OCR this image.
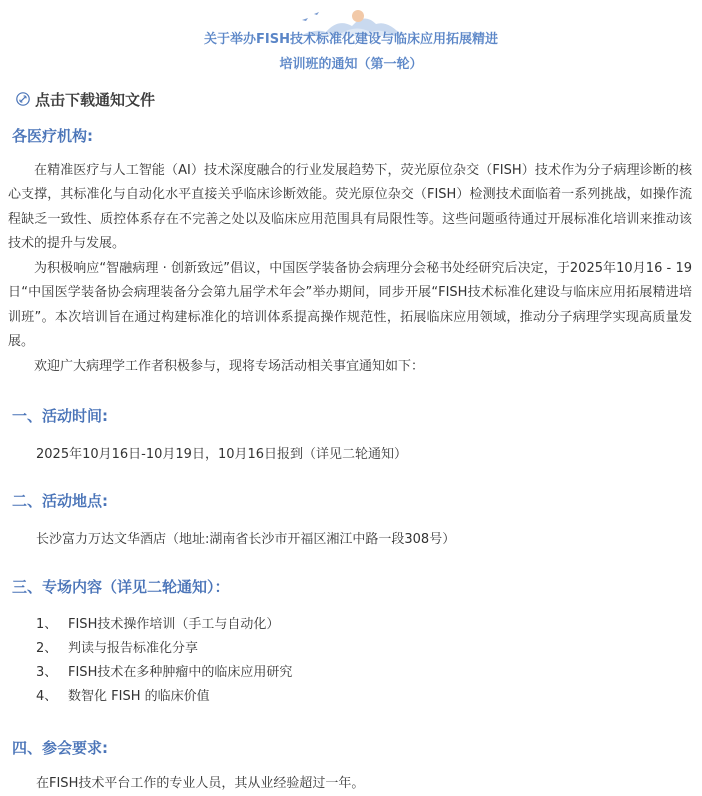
关于举办FISH技术标准化建设与临床应用拓展精进
培训班的通知（第一轮）
点击下载通知文件
各医疗机构:
在精准医疗与人工智能（AI）技术深度融合的行业发展趋势下，荧光原位杂交（FISH）技术作为分子病理诊断的核心支撑，其标准化与自动化水平直接关乎临床诊断效能。荧光原位杂交（FISH）检测技术面临着一系列挑战，如操作流程缺乏一致性、质控体系存在不完善之处以及临床应用范围具有局限性等。这些问题亟待通过开展标准化培训来推动该技术的提升与发展。
为积极响应“智融病理 · 创新致远”倡议，中国医学装备协会病理分会秘书处经研究后决定，于2025年10月16 - 19日“中国医学装备协会病理装备分会第九届学术年会”举办期间，同步开展“FISH技术标准化建设与临床应用拓展精进培训班”。本次培训旨在通过构建标准化的培训体系提高操作规范性，拓展临床应用领域，推动分子病理学实现高质量发展。
欢迎广大病理学工作者积极参与，现将专场活动相关事宜通知如下：
一、活动时间:
2025年10月16日-10月19日，10月16日报到（详见二轮通知）
二、活动地点:
长沙富力万达文华酒店（地址:湖南省长沙市开福区湘江中路一段308号）
三、专场内容（详见二轮通知）：
1、 FISH技术操作培训（手工与自动化）
2、 判读与报告标准化分享
3、 FISH技术在多种肿瘤中的临床应用研究
4、 数智化 FISH 的临床价值
四、参会要求:
在FISH技术平台工作的专业人员，其从业经验超过一年。
